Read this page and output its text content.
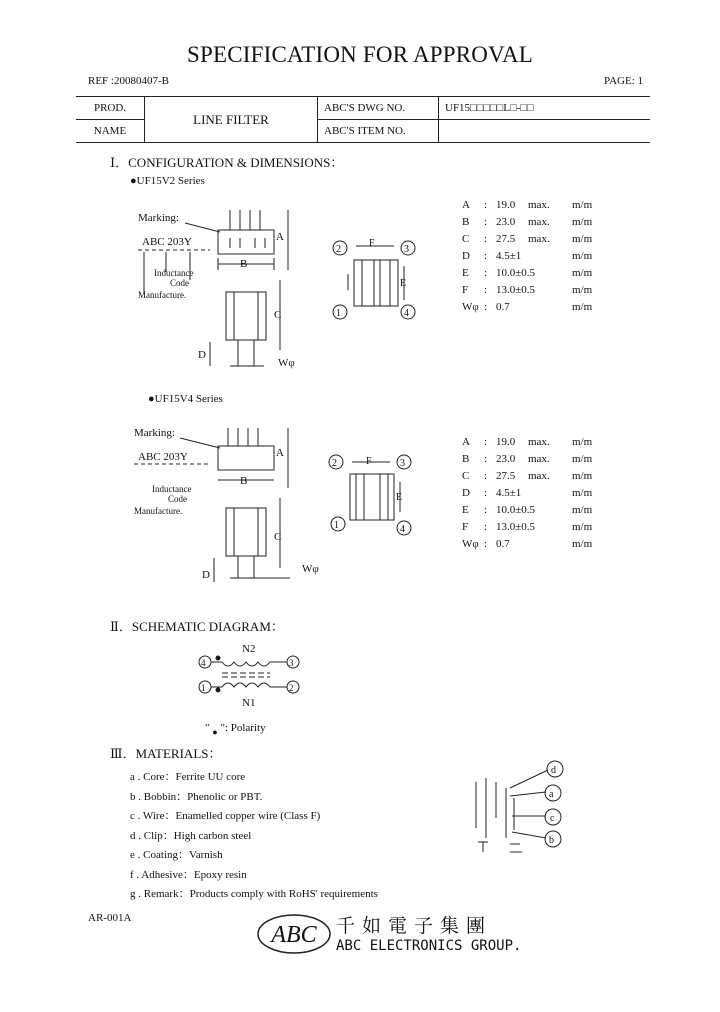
SPECIFICATION FOR APPROVAL
REF :20080407-B	PAGE: 1
PROD.	LINE FILTER	ABC'S DWG NO.	UF15□□□□□L□-□□
NAME		ABC'S ITEM NO.	
Ⅰ．CONFIGURATION & DIMENSIONS：
●UF15V2 Series
Marking:
ABC 203Y
Inductance
Code
Manufacture.
B
A
C
D
Wφ
2	3
1	4
F
E
A : 19.0 max. m/m
B : 23.0 max. m/m
C : 27.5 max. m/m
D : 4.5±1	m/m
E : 10.0±0.5	m/m
F : 13.0±0.5	m/m
Wφ : 0.7	m/m
●UF15V4 Series
Marking:
ABC 203Y
Inductance
Code
Manufacture.
B
A
C
D	Wφ
2	3
1	4
F
E
A : 19.0 max. m/m
B : 23.0 max. m/m
C : 27.5 max. m/m
D : 4.5±1	m/m
E : 10.0±0.5	m/m
F : 13.0±0.5	m/m
Wφ : 0.7	m/m
Ⅱ．SCHEMATIC DIAGRAM：
N2
4	3
1	2
N1
" $_●$ ": Polarity
Ⅲ．MATERIALS：
a . Core：Ferrite UU core
b . Bobbin：Phenolic or PBT.
c . Wire：Enamelled copper wire (Class F)
d . Clip：High carbon steel
e . Coating：Varnish
f . Adhesive：Epoxy resin
g . Remark：Products comply with RoHS' requirements
d
a
c
b
AR-001A
ABC 千如電子集團
ABC ELECTRONICS GROUP.
